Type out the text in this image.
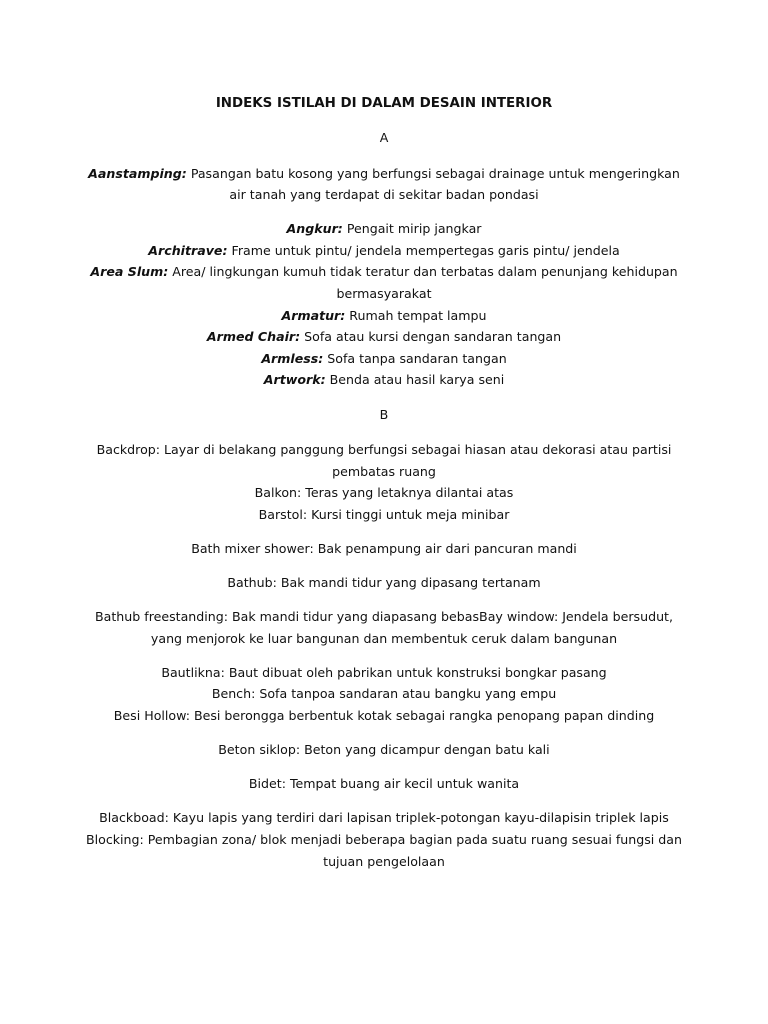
INDEKS ISTILAH DI DALAM DESAIN INTERIOR
A
Aanstamping: Pasangan batu kosong yang berfungsi sebagai drainage untuk mengeringkan air tanah yang terdapat di sekitar badan pondasi
Angkur: Pengait mirip jangkar
Architrave: Frame untuk pintu/ jendela mempertegas garis pintu/ jendela
Area Slum: Area/ lingkungan kumuh tidak teratur dan terbatas dalam penunjang kehidupan bermasyarakat
Armatur: Rumah tempat lampu
Armed Chair: Sofa atau kursi dengan sandaran tangan
Armless: Sofa tanpa sandaran tangan
Artwork: Benda atau hasil karya seni
B
Backdrop: Layar di belakang panggung berfungsi sebagai hiasan atau dekorasi atau partisi pembatas ruang
Balkon: Teras yang letaknya dilantai atas
Barstol: Kursi tinggi untuk meja minibar
Bath mixer shower: Bak penampung air dari pancuran mandi
Bathub: Bak mandi tidur yang dipasang tertanam
Bathub freestanding: Bak mandi tidur yang diapasang bebasBay window: Jendela bersudut, yang menjorok ke luar bangunan dan membentuk ceruk dalam bangunan
Bautlikna: Baut dibuat oleh pabrikan untuk konstruksi bongkar pasang
Bench: Sofa tanpoa sandaran atau bangku yang empu
Besi Hollow: Besi berongga berbentuk kotak sebagai rangka penopang papan dinding
Beton siklop: Beton yang dicampur dengan batu kali
Bidet: Tempat buang air kecil untuk wanita
Blackboad: Kayu lapis yang terdiri dari lapisan triplek-potongan kayu-dilapisin triplek lapis
Blocking: Pembagian zona/ blok menjadi beberapa bagian pada suatu ruang sesuai fungsi dan tujuan pengelolaan
